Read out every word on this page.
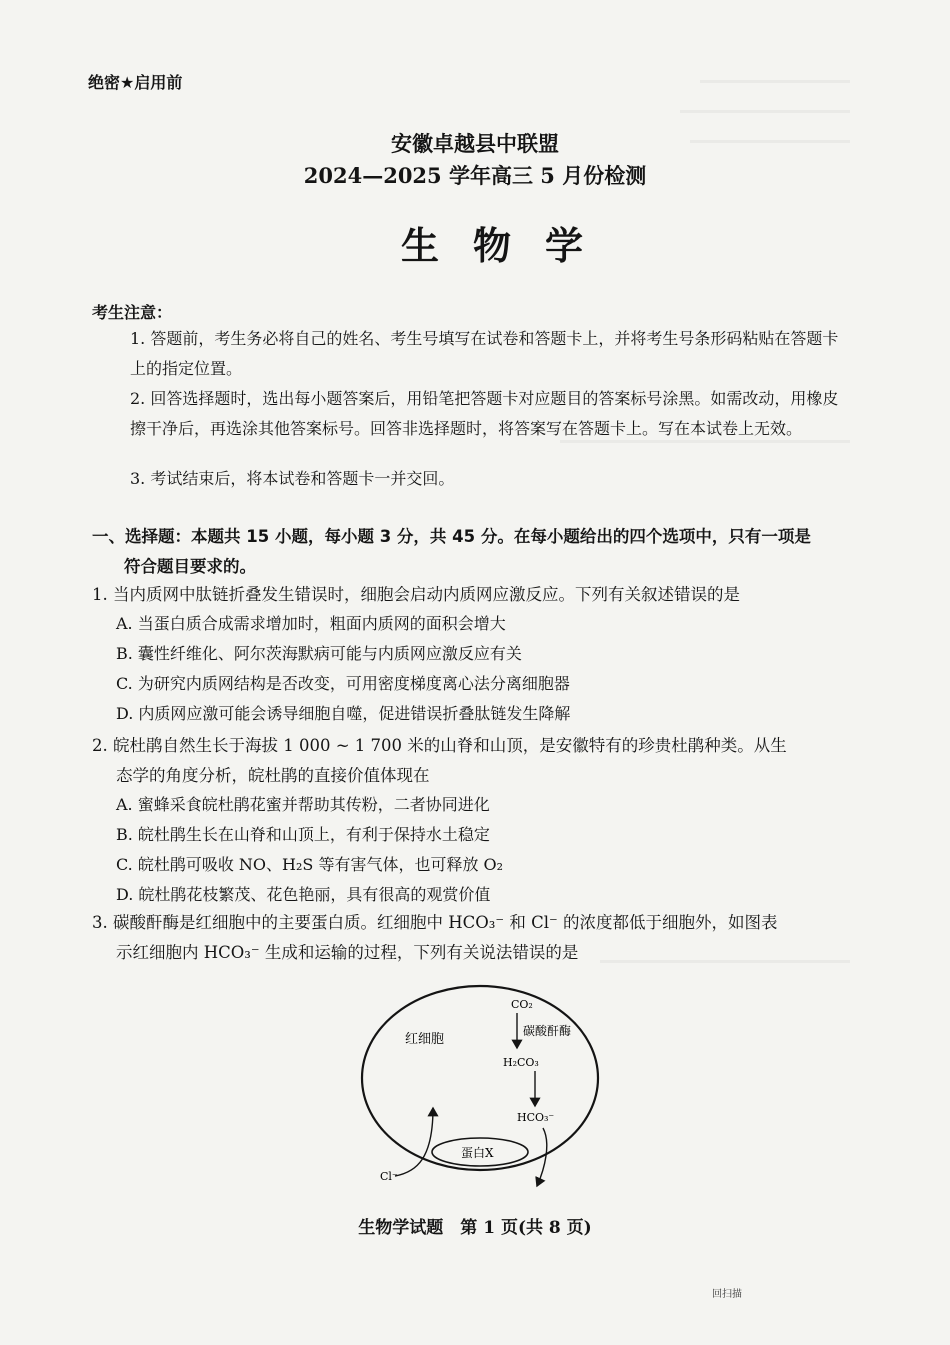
绝密★启用前
安徽卓越县中联盟
2024—2025 学年高三 5 月份检测
生物学
考生注意：
1. 答题前，考生务必将自己的姓名、考生号填写在试卷和答题卡上，并将考生号条形码粘贴在答题卡上的指定位置。
2. 回答选择题时，选出每小题答案后，用铅笔把答题卡对应题目的答案标号涂黑。如需改动，用橡皮擦干净后，再选涂其他答案标号。回答非选择题时，将答案写在答题卡上。写在本试卷上无效。
3. 考试结束后，将本试卷和答题卡一并交回。
一、选择题：本题共 15 小题，每小题 3 分，共 45 分。在每小题给出的四个选项中，只有一项是
符合题目要求的。
1. 当内质网中肽链折叠发生错误时，细胞会启动内质网应激反应。下列有关叙述错误的是
A. 当蛋白质合成需求增加时，粗面内质网的面积会增大
B. 囊性纤维化、阿尔茨海默病可能与内质网应激反应有关
C. 为研究内质网结构是否改变，可用密度梯度离心法分离细胞器
D. 内质网应激可能会诱导细胞自噬，促进错误折叠肽链发生降解
2. 皖杜鹃自然生长于海拔 1 000 ~ 1 700 米的山脊和山顶，是安徽特有的珍贵杜鹃种类。从生
态学的角度分析，皖杜鹃的直接价值体现在
A. 蜜蜂采食皖杜鹃花蜜并帮助其传粉，二者协同进化
B. 皖杜鹃生长在山脊和山顶上，有利于保持水土稳定
C. 皖杜鹃可吸收 NO、H₂S 等有害气体，也可释放 O₂
D. 皖杜鹃花枝繁茂、花色艳丽，具有很高的观赏价值
3. 碳酸酐酶是红细胞中的主要蛋白质。红细胞中 HCO₃⁻ 和 Cl⁻ 的浓度都低于细胞外，如图表
示红细胞内 HCO₃⁻ 生成和运输的过程，下列有关说法错误的是
红细胞
CO₂
碳酸酐酶
H₂CO₃
HCO₃⁻
蛋白X
Cl⁻
生物学试题　第 1 页(共 8 页)
回扫描
